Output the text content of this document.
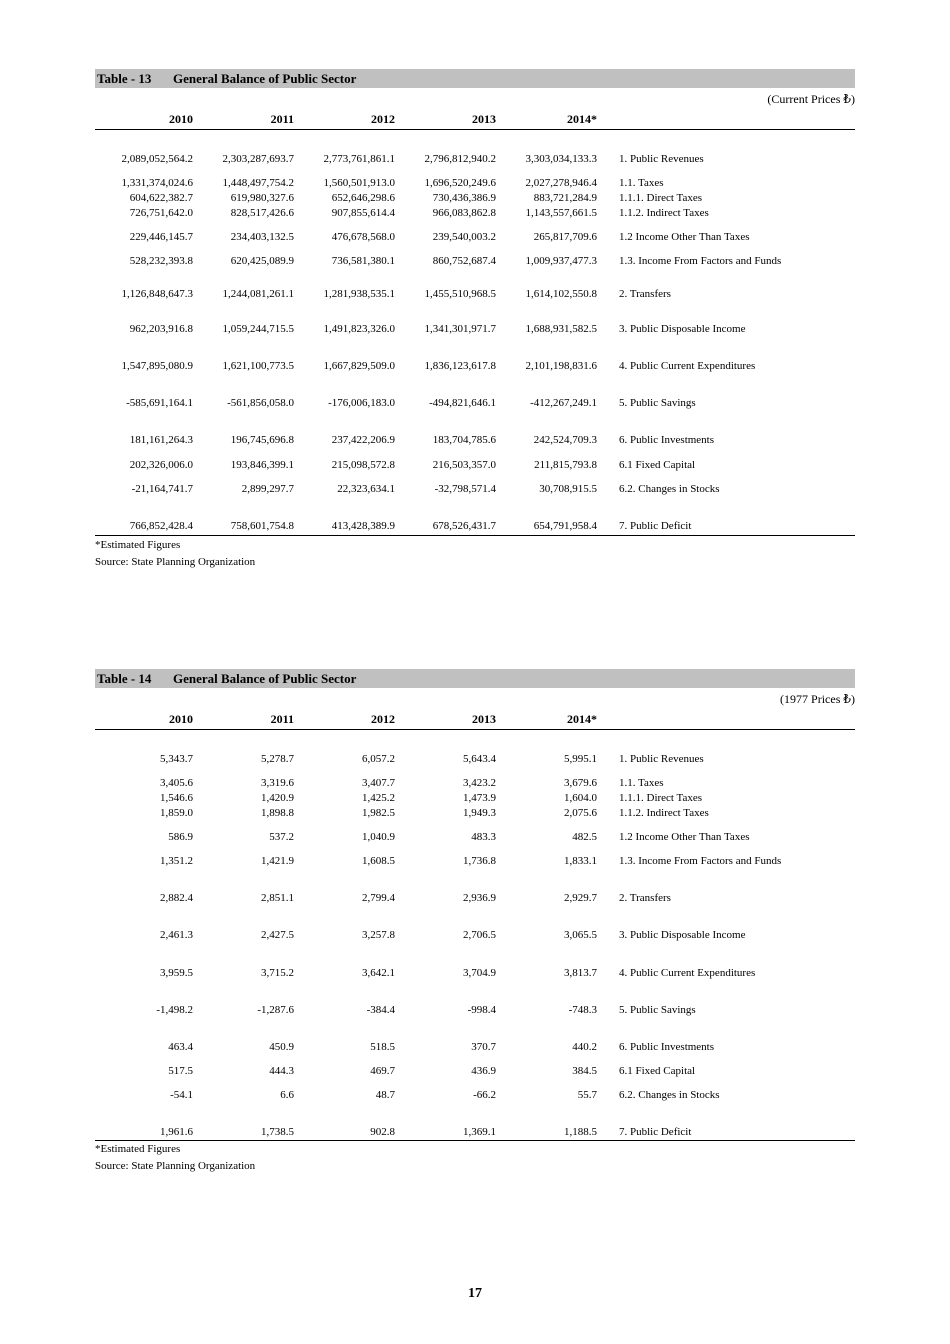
Table - 13 General Balance of Public Sector
(Current Prices ₺)
2010	2011	2012	2013	2014*
2,089,052,564.2	2,303,287,693.7	2,773,761,861.1	2,796,812,940.2	3,303,034,133.3 1. Public Revenues
1,331,374,024.6	1,448,497,754.2	1,560,501,913.0	1,696,520,249.6	2,027,278,946.4 1.1. Taxes
604,622,382.7	619,980,327.6	652,646,298.6	730,436,386.9	883,721,284.9 1.1.1. Direct Taxes
726,751,642.0	828,517,426.6	907,855,614.4	966,083,862.8	1,143,557,661.5 1.1.2. Indirect Taxes
229,446,145.7	234,403,132.5	476,678,568.0	239,540,003.2	265,817,709.6 1.2 Income Other Than Taxes
528,232,393.8	620,425,089.9	736,581,380.1	860,752,687.4	1,009,937,477.3 1.3. Income From Factors and Funds
1,126,848,647.3	1,244,081,261.1	1,281,938,535.1	1,455,510,968.5	1,614,102,550.8 2. Transfers
962,203,916.8	1,059,244,715.5	1,491,823,326.0	1,341,301,971.7	1,688,931,582.5 3. Public Disposable Income
1,547,895,080.9	1,621,100,773.5	1,667,829,509.0	1,836,123,617.8	2,101,198,831.6 4. Public Current Expenditures
-585,691,164.1	-561,856,058.0	-176,006,183.0	-494,821,646.1	-412,267,249.1 5. Public Savings
181,161,264.3	196,745,696.8	237,422,206.9	183,704,785.6	242,524,709.3 6. Public Investments
202,326,006.0	193,846,399.1	215,098,572.8	216,503,357.0	211,815,793.8 6.1 Fixed Capital
-21,164,741.7	2,899,297.7	22,323,634.1	-32,798,571.4	30,708,915.5 6.2. Changes in Stocks
766,852,428.4	758,601,754.8	413,428,389.9	678,526,431.7	654,791,958.4 7. Public Deficit
*Estimated Figures
Source: State Planning Organization
Table - 14 General Balance of Public Sector
(1977 Prices ₺)
2010	2011	2012	2013	2014*
5,343.7	5,278.7	6,057.2	5,643.4	5,995.1 1. Public Revenues
3,405.6	3,319.6	3,407.7	3,423.2	3,679.6 1.1. Taxes
1,546.6	1,420.9	1,425.2	1,473.9	1,604.0 1.1.1. Direct Taxes
1,859.0	1,898.8	1,982.5	1,949.3	2,075.6 1.1.2. Indirect Taxes
586.9	537.2	1,040.9	483.3	482.5 1.2 Income Other Than Taxes
1,351.2	1,421.9	1,608.5	1,736.8	1,833.1 1.3. Income From Factors and Funds
2,882.4	2,851.1	2,799.4	2,936.9	2,929.7 2. Transfers
2,461.3	2,427.5	3,257.8	2,706.5	3,065.5 3. Public Disposable Income
3,959.5	3,715.2	3,642.1	3,704.9	3,813.7 4. Public Current Expenditures
-1,498.2	-1,287.6	-384.4	-998.4	-748.3 5. Public Savings
463.4	450.9	518.5	370.7	440.2 6. Public Investments
517.5	444.3	469.7	436.9	384.5 6.1 Fixed Capital
-54.1	6.6	48.7	-66.2	55.7 6.2. Changes in Stocks
1,961.6	1,738.5	902.8	1,369.1	1,188.5 7. Public Deficit
*Estimated Figures
Source: State Planning Organization
17
